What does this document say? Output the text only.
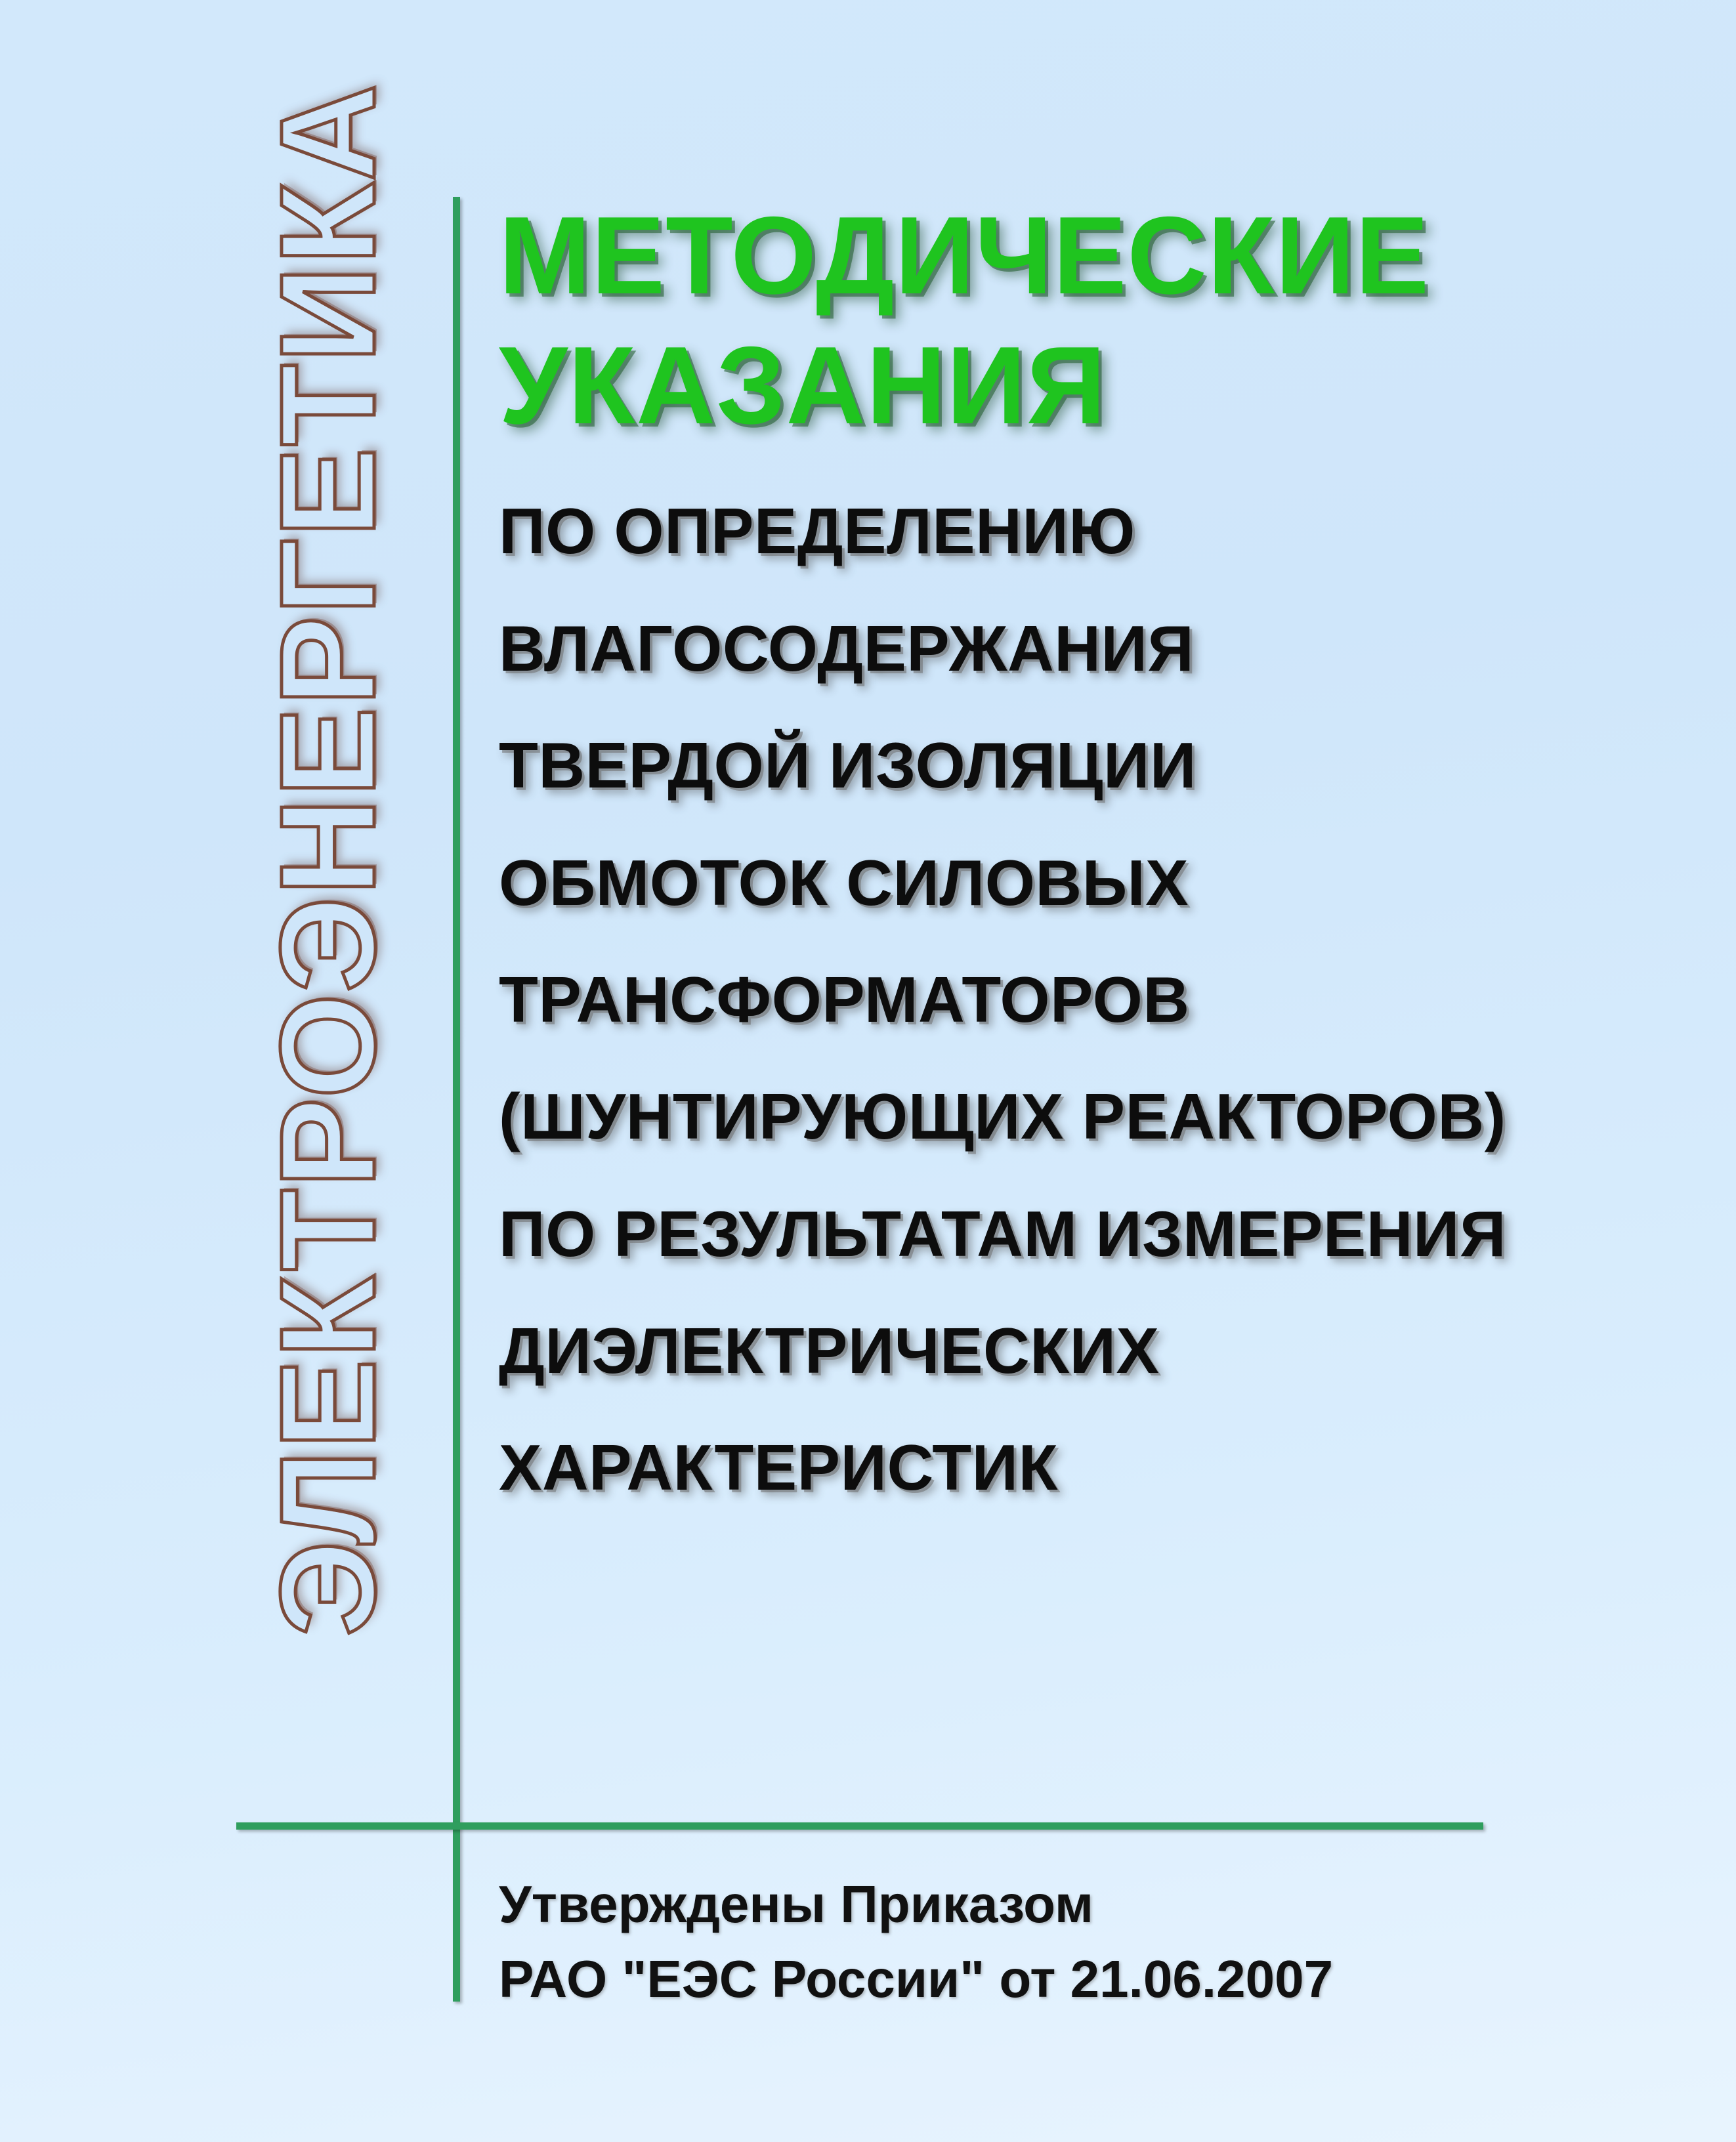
ЭЛЕКТРОЭНЕРГЕТИКА МЕТОДИЧЕСКИЕ
УКАЗАНИЯ
ПО ОПРЕДЕЛЕНИЮ
ВЛАГОСОДЕРЖАНИЯ
ТВЕРДОЙ ИЗОЛЯЦИИ
ОБМОТОК СИЛОВЫХ
ТРАНСФОРМАТОРОВ
(ШУНТИРУЮЩИХ РЕАКТОРОВ)
ПО РЕЗУЛЬТАТАМ ИЗМЕРЕНИЯ
ДИЭЛЕКТРИЧЕСКИХ
ХАРАКТЕРИСТИК
Утверждены Приказом
РАО "ЕЭС России" от 21.06.2007
